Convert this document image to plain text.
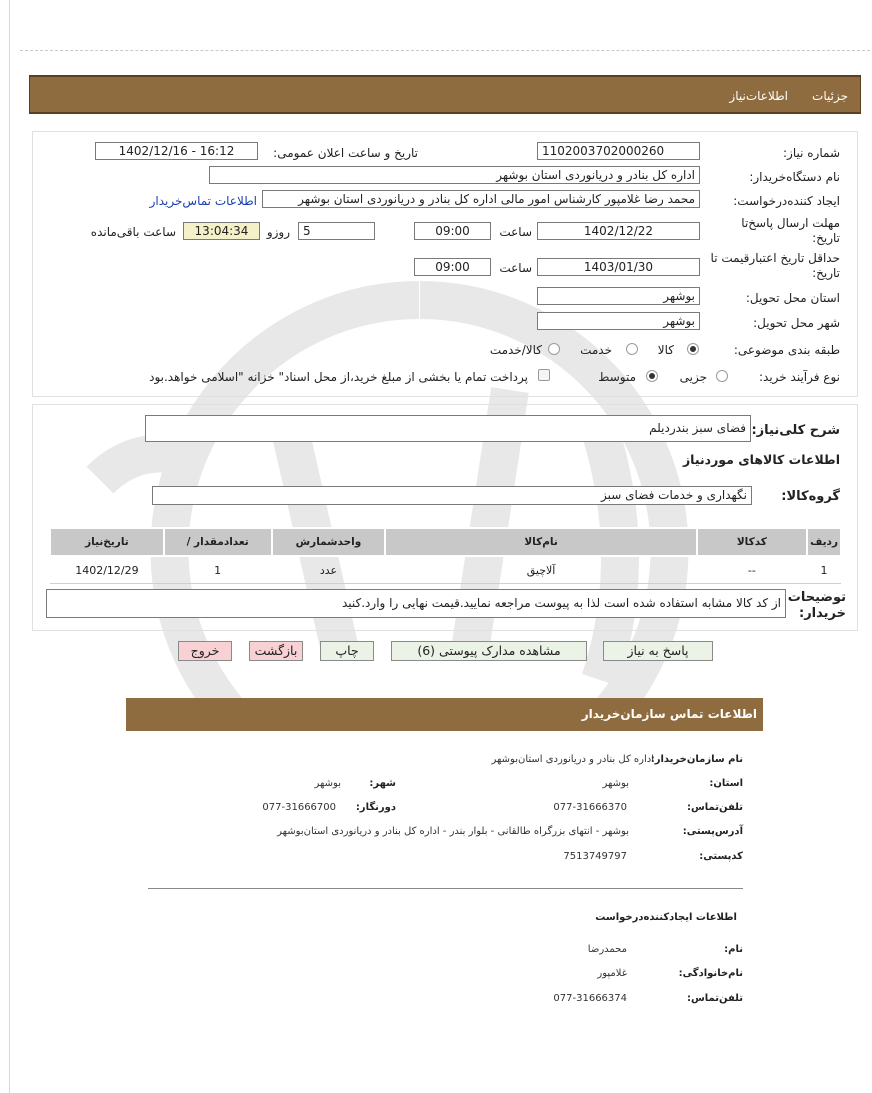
جزئیات
اطلاعات‌نیاز
شماره نیاز:
1102003702000260
تاریخ و ساعت اعلان عمومی:
1402/12/16 - 16:12
نام دستگاه‌خریدار:
اداره کل بنادر و دریانوردی استان بوشهر
ایجاد کننده‌درخواست:
محمد رضا غلامپور کارشناس امور مالی اداره کل بنادر و دریانوردی استان بوشهر
اطلاعات تماس‌خریدار
مهلت ارسال پاسخ‌تا تاریخ:
1402/12/22
ساعت
09:00
5
روزو
13:04:34
ساعت باقی‌مانده
حداقل تاریخ اعتبارقیمت تا تاریخ:
1403/01/30
ساعت
09:00
استان محل تحویل:
بوشهر
شهر محل تحویل:
بوشهر
طبقه بندی موضوعی:
کالا
خدمت
کالا/خدمت
نوع فرآیند خرید:
جزیی
متوسط
پرداخت تمام یا بخشی از مبلغ خرید،از محل اسناد" خزانه "اسلامی خواهد.بود
شرح کلی‌نیاز:
فضای سبز بندردیلم
اطلاعات کالاهای موردنیاز
گروه‌کالا:
نگهداری و خدمات فضای سبز
ردیف	کدکالا	نام‌کالا	واحدشمارش	تعدادمقدار /	تاریخ‌نیاز
1	--	آلاچیق	عدد	1	1402/12/29
توضیحات خریدار:
از کد کالا مشابه استفاده شده است لذا به پیوست مراجعه نمایید.قیمت نهایی را وارد.کنید
پاسخ به نیاز
مشاهده مدارک پیوستی (6)
چاپ
بازگشت
خروج
اطلاعات تماس سازمان‌خریدار
نام سازمان‌خریدار:
اداره کل بنادر و دریانوردی استان‌بوشهر
استان:
بوشهر
شهر:
بوشهر
تلفن‌تماس:
077-31666370
دورنگار:
077-31666700
آدرس‌پستی:
بوشهر - انتهای بزرگراه طالقانی - بلوار بندر - اداره کل بنادر و دریانوردی استان‌بوشهر
کدپستی:
7513749797
اطلاعات ایجادکننده‌درخواست
نام:
محمدرضا
نام‌خانوادگی:
غلامپور
تلفن‌تماس:
077-31666374
